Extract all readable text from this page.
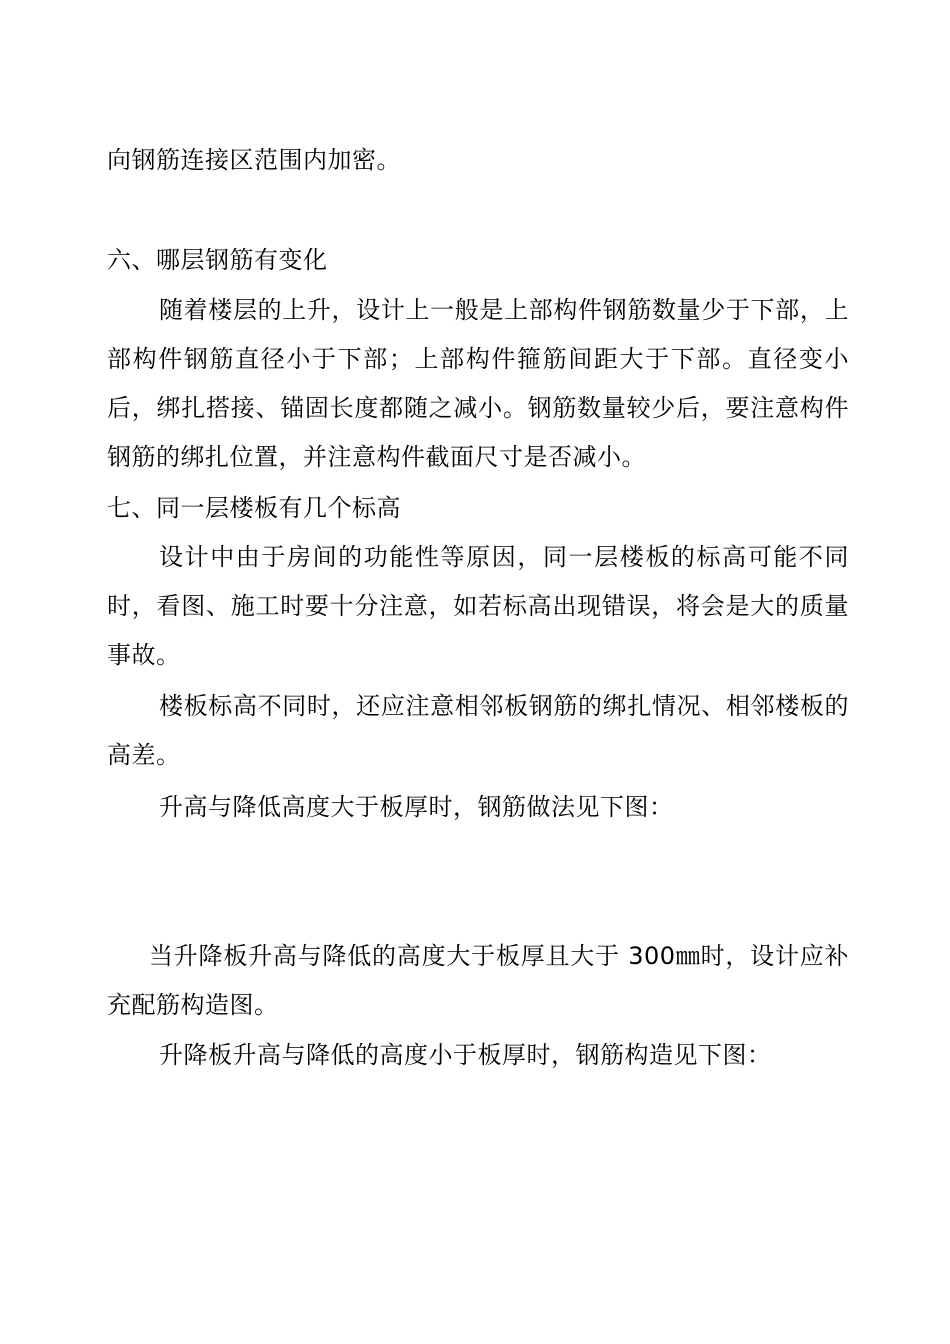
向钢筋连接区范围内加密。

六、哪层钢筋有变化

随着楼层的上升，设计上一般是上部构件钢筋数量少于下部，上部构件钢筋直径小于下部；上部构件箍筋间距大于下部。直径变小后，绑扎搭接、锚固长度都随之减小。钢筋数量较少后，要注意构件钢筋的绑扎位置，并注意构件截面尺寸是否减小。

七、同一层楼板有几个标高

设计中由于房间的功能性等原因，同一层楼板的标高可能不同时，看图、施工时要十分注意，如若标高出现错误，将会是大的质量事故。

楼板标高不同时，还应注意相邻板钢筋的绑扎情况、相邻楼板的高差。

升高与降低高度大于板厚时，钢筋做法见下图：

当升降板升高与降低的高度大于板厚且大于 300㎜时，设计应补充配筋构造图。

升降板升高与降低的高度小于板厚时，钢筋构造见下图：
